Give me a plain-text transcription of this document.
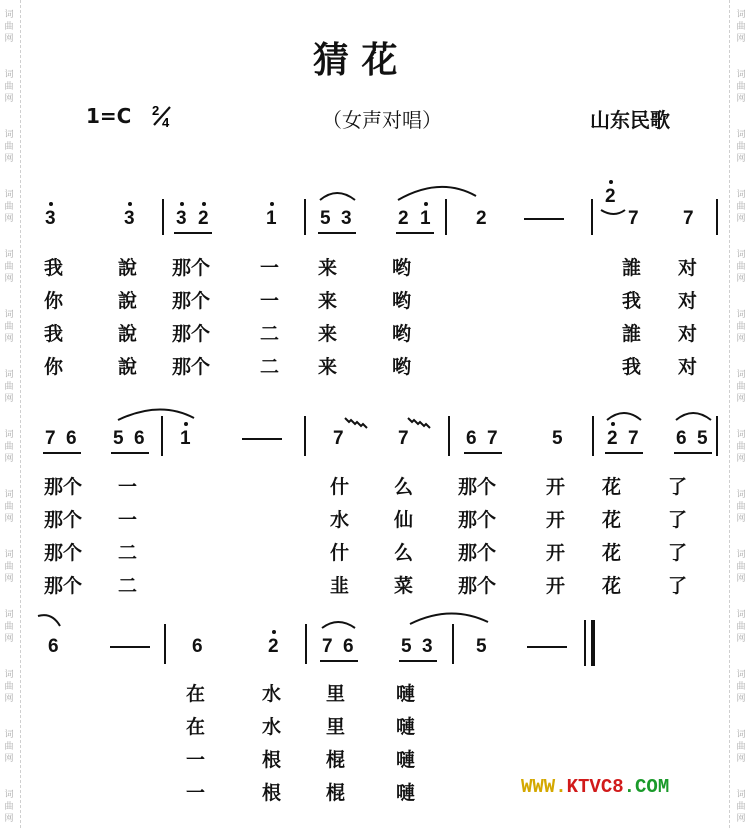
词
曲
网
词
曲
网
词
曲
网
词
曲
网
词
曲
网
词
曲
网
词
曲
网
词
曲
网
词
曲
网
词
曲
网
词
曲
网
词
曲
网
词
曲
网
词
曲
网
词
曲
网
词
曲
网
词
曲
网
词
曲
网
词
曲
网
词
曲
网
词
曲
网
词
曲
网
词
曲
网
词
曲
网
词
曲
网
词
曲
网
词
曲
网
词
曲
网
猜 花
1=C 2
4	（女声对唱）	山东民歌
3	3 3 2	1 5 3 2 1 2
2
7 7
7 6 5 6 1	7	7	6 7	5 2 7 6 5
6	6	2 7 6 5 3 5
我	說 那个	一 来	哟	誰 对
你	說 那个	一 来	哟	我 对
我	說 那个	二 来	哟	誰 对
你	說 那个	二 来	哟	我 对
那个 一	什 么 那个	开 花 了
那个 一	水 仙 那个	开 花 了
那个 二	什 么 那个	开 花 了
那个 二	韭 菜 那个	开 花 了
在	水 里	嗹
在	水 里	嗹
一	根 棍	嗹
一	根 棍	嗹	WWW.KTVC8.COM
